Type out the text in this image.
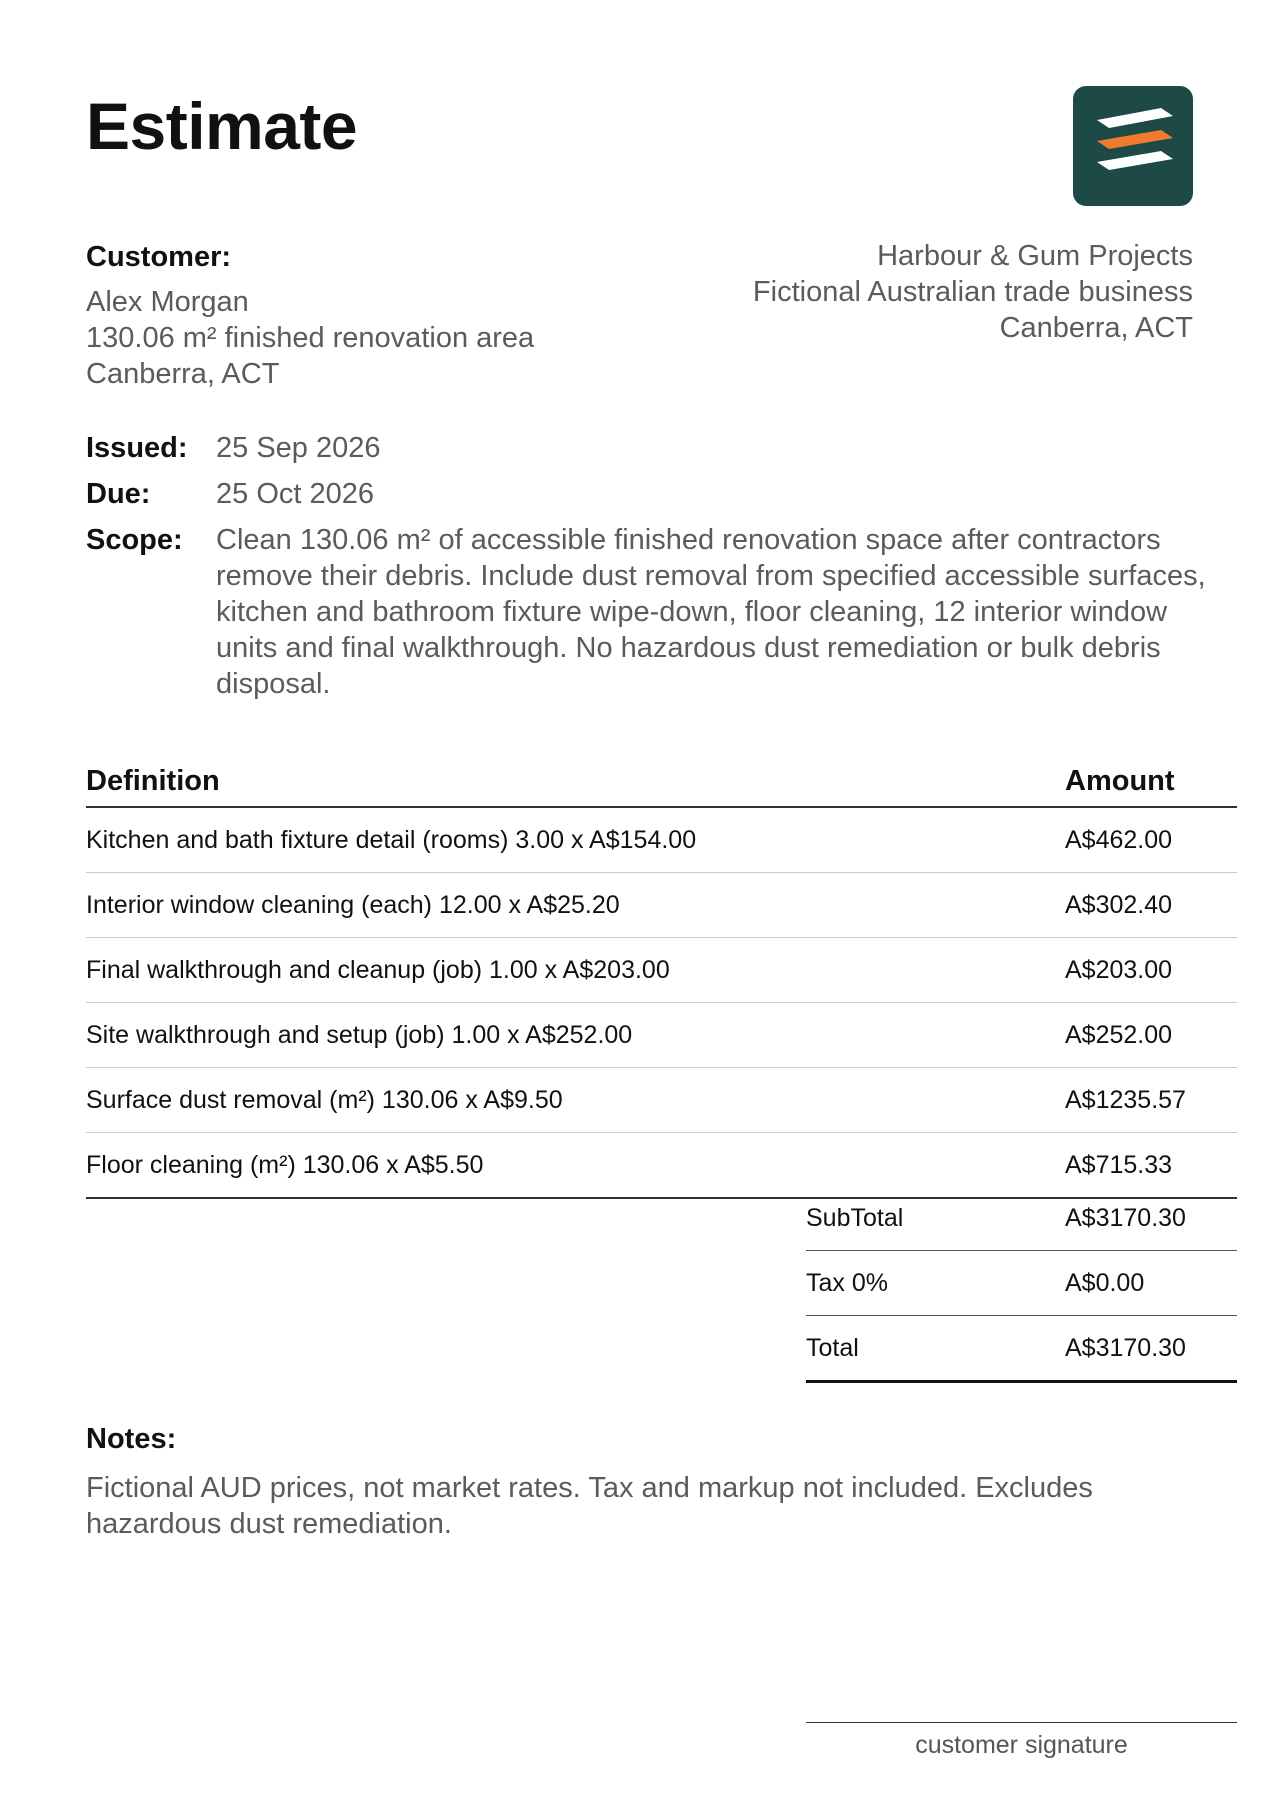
Estimate
Customer:
Alex Morgan
130.06 m² finished renovation area
Canberra, ACT
Harbour & Gum Projects
Fictional Australian trade business
Canberra, ACT
Issued: 25 Sep 2026
Due:	25 Oct 2026
Scope:	Clean 130.06 m² of accessible finished renovation space after contractors remove their debris. Include dust removal from specified accessible surfaces, kitchen and bathroom fixture wipe-down, floor cleaning, 12 interior window units and final walkthrough. No hazardous dust remediation or bulk debris disposal.
Definition	Amount
Kitchen and bath fixture detail (rooms) 3.00 x A$154.00	A$462.00
Interior window cleaning (each) 12.00 x A$25.20	A$302.40
Final walkthrough and cleanup (job) 1.00 x A$203.00	A$203.00
Site walkthrough and setup (job) 1.00 x A$252.00	A$252.00
Surface dust removal (m²) 130.06 x A$9.50	A$1235.57
Floor cleaning (m²) 130.06 x A$5.50	A$715.33
SubTotal	A$3170.30
Tax 0%	A$0.00
Total	A$3170.30
Notes:
Fictional AUD prices, not market rates. Tax and markup not included. Excludes hazardous dust remediation.
customer signature
